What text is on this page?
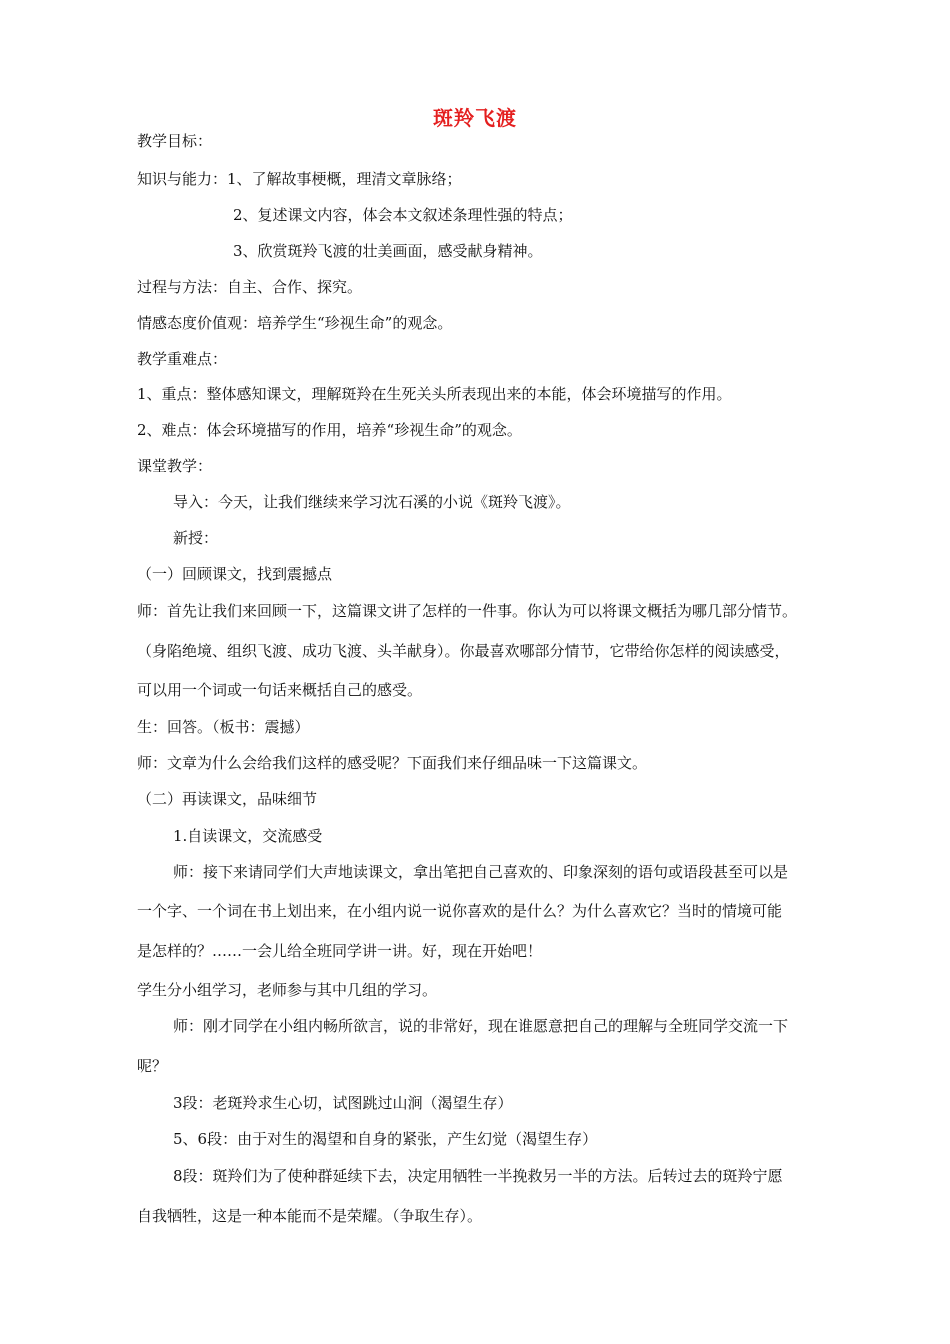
斑羚飞渡
教学目标：
知识与能力：1、了解故事梗概，理清文章脉络；
2、复述课文内容，体会本文叙述条理性强的特点；
3、欣赏斑羚飞渡的壮美画面，感受献身精神。
过程与方法：自主、合作、探究。
情感态度价值观：培养学生“珍视生命”的观念。
教学重难点：
1、重点：整体感知课文，理解斑羚在生死关头所表现出来的本能，体会环境描写的作用。
2、难点：体会环境描写的作用，培养“珍视生命”的观念。
课堂教学：
导入：今天，让我们继续来学习沈石溪的小说《斑羚飞渡》。
新授：
（一）回顾课文，找到震撼点
师：首先让我们来回顾一下，这篇课文讲了怎样的一件事。你认为可以将课文概括为哪几部分情节。
（身陷绝境、组织飞渡、成功飞渡、头羊献身）。你最喜欢哪部分情节，它带给你怎样的阅读感受，
可以用一个词或一句话来概括自己的感受。
生：回答。（板书：震撼）
师：文章为什么会给我们这样的感受呢？下面我们来仔细品味一下这篇课文。
（二）再读课文，品味细节
1.自读课文，交流感受
师：接下来请同学们大声地读课文，拿出笔把自己喜欢的、印象深刻的语句或语段甚至可以是
一个字、一个词在书上划出来，在小组内说一说你喜欢的是什么？为什么喜欢它？当时的情境可能
是怎样的？……一会儿给全班同学讲一讲。好，现在开始吧！
学生分小组学习，老师参与其中几组的学习。
师：刚才同学在小组内畅所欲言，说的非常好，现在谁愿意把自己的理解与全班同学交流一下
呢？
3段：老斑羚求生心切，试图跳过山涧（渴望生存）
5、6段：由于对生的渴望和自身的紧张，产生幻觉（渴望生存）
8段：斑羚们为了使种群延续下去，决定用牺牲一半挽救另一半的方法。后转过去的斑羚宁愿
自我牺牲，这是一种本能而不是荣耀。（争取生存）。
